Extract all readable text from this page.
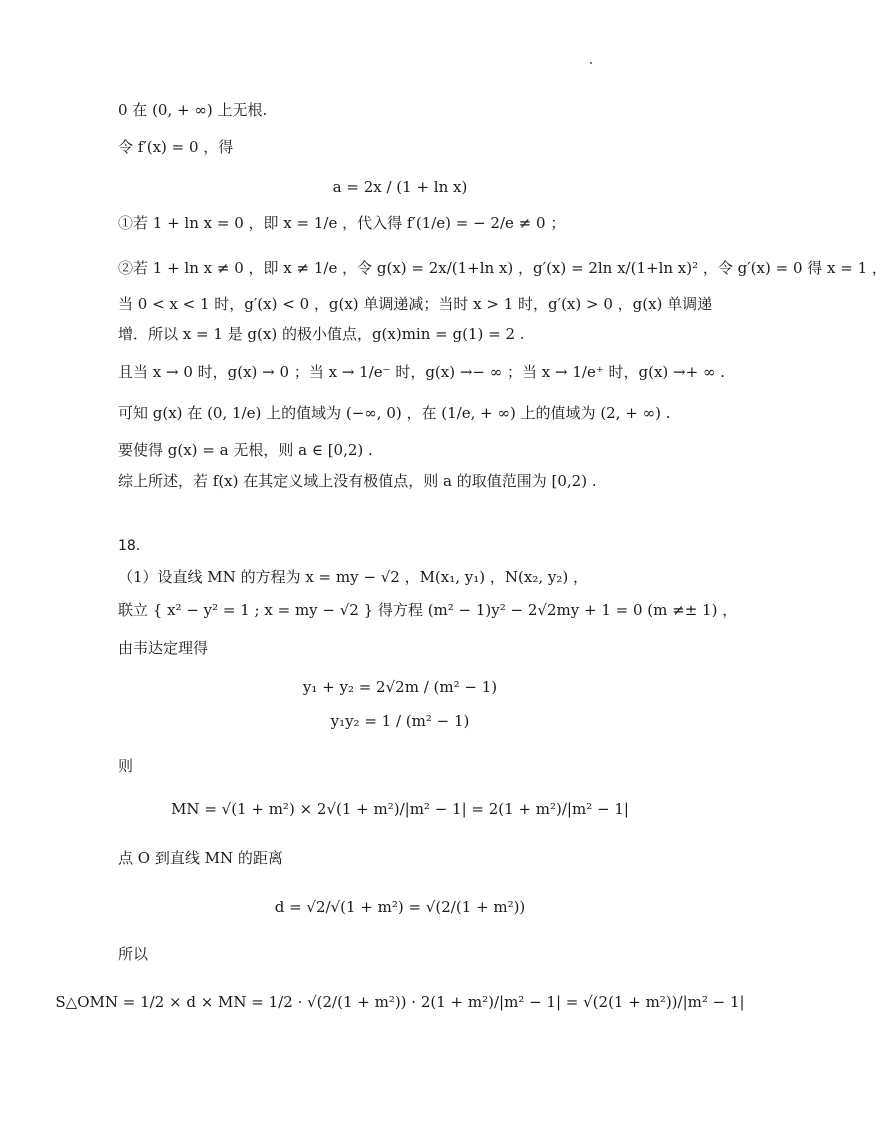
0 在 (0, + ∞) 上无根.
令 f′(x) = 0 ，得
a = 2x / (1 + ln x)
①若 1 + ln x = 0 ，即 x = 1/e ，代入得 f′(1/e) = − 2/e ≠ 0 ；
②若 1 + ln x ≠ 0 ，即 x ≠ 1/e ，令 g(x) = 2x/(1+ln x) ，g′(x) = 2ln x/(1+ln x)² ，令 g′(x) = 0 得 x = 1 ，
当 0 < x < 1 时，g′(x) < 0 ，g(x) 单调递减；当时 x > 1 时，g′(x) > 0 ，g(x) 单调递
增．所以 x = 1 是 g(x) 的极小值点，g(x)min = g(1) = 2 .
且当 x → 0 时，g(x) → 0 ；当 x → 1/e⁻ 时，g(x) →− ∞ ；当 x → 1/e⁺ 时，g(x) →+ ∞ .
可知 g(x) 在 (0, 1/e) 上的值域为 (−∞, 0) ，在 (1/e, + ∞) 上的值域为 (2, + ∞) .
要使得 g(x) = a 无根，则 a ∈ [0,2) .
综上所述，若 f(x) 在其定义域上没有极值点，则 a 的取值范围为 [0,2) .
18.
（1）设直线 MN 的方程为 x = my − √2 ，M(x₁, y₁) ，N(x₂, y₂) ，
联立 { x² − y² = 1 ; x = my − √2 } 得方程 (m² − 1)y² − 2√2my + 1 = 0 (m ≠± 1) ，
由韦达定理得
y₁ + y₂ = 2√2m / (m² − 1)
y₁y₂ = 1 / (m² − 1)
则
MN = √(1 + m²) × 2√(1 + m²)/|m² − 1| = 2(1 + m²)/|m² − 1|
点 O 到直线 MN 的距离
d = √2/√(1 + m²) = √(2/(1 + m²))
所以
S△OMN = 1/2 × d × MN = 1/2 · √(2/(1 + m²)) · 2(1 + m²)/|m² − 1| = √(2(1 + m²))/|m² − 1|
